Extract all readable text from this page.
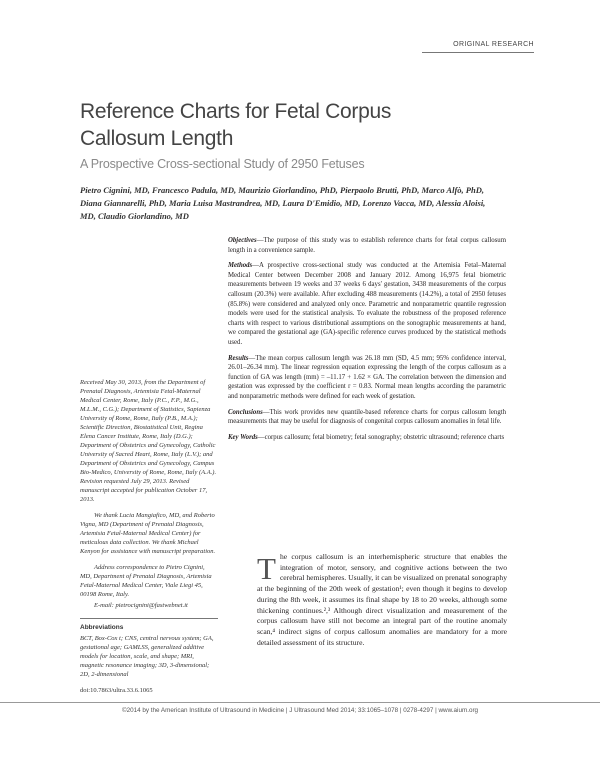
ORIGINAL RESEARCH
Reference Charts for Fetal Corpus Callosum Length
A Prospective Cross-sectional Study of 2950 Fetuses
Pietro Cignini, MD, Francesco Padula, MD, Maurizio Giorlandino, PhD, Pierpaolo Brutti, PhD, Marco Alfò, PhD, Diana Giannarelli, PhD, Maria Luisa Mastrandrea, MD, Laura D'Emidio, MD, Lorenzo Vacca, MD, Alessia Aloisi, MD, Claudio Giorlandino, MD

Objectives—The purpose of this study was to establish reference charts for fetal corpus callosum length in a convenience sample.

Methods—A prospective cross-sectional study was conducted at the Artemisia Fetal–Maternal Medical Center between December 2008 and January 2012. Among 16,975 fetal biometric measurements between 19 weeks and 37 weeks 6 days' gestation, 3438 measurements of the corpus callosum (20.3%) were available. After excluding 488 measurements (14.2%), a total of 2950 fetuses (85.8%) were considered and analyzed only once. Parametric and nonparametric quantile regression models were used for the statistical analysis. To evaluate the robustness of the proposed reference charts with respect to various distributional assumptions on the sonographic measurements at hand, we compared the gestational age (GA)-specific reference curves produced by the statistical methods used.

Results—The mean corpus callosum length was 26.18 mm (SD, 4.5 mm; 95% confidence interval, 26.01–26.34 mm). The linear regression equation expressing the length of the corpus callosum as a function of GA was length (mm) = –11.17 + 1.62 × GA. The correlation between the dimension and gestation was expressed by the coefficient r = 0.83. Normal mean lengths according the parametric and nonparametric methods were defined for each week of gestation.

Conclusions—This work provides new quantile-based reference charts for corpus callosum length measurements that may be useful for diagnosis of congenital corpus callosum anomalies in fetal life.

Key Words—corpus callosum; fetal biometry; fetal sonography; obstetric ultrasound; reference charts

Received May 30, 2013, from the Department of Prenatal Diagnosis, Artemisia Fetal-Maternal Medical Center, Rome, Italy (P.C., F.P., M.G., M.L.M., C.G.); Department of Statistics, Sapienza University of Rome, Rome, Italy (P.B., M.A.); Scientific Direction, Biostatistical Unit, Regina Elena Cancer Institute, Rome, Italy (D.G.); Department of Obstetrics and Gynecology, Catholic University of Sacred Heart, Rome, Italy (L.V.); and Department of Obstetrics and Gynecology, Campus Bio-Medico, University of Rome, Rome, Italy (A.A.). Revision requested July 29, 2013. Revised manuscript accepted for publication October 17, 2013.

We thank Lucia Mangiafico, MD, and Roberto Vigna, MD (Department of Prenatal Diagnosis, Artemisia Fetal-Maternal Medical Center) for meticulous data collection. We thank Michael Kenyon for assistance with manuscript preparation.

Address correspondence to Pietro Cignini, MD, Department of Prenatal Diagnosis, Artemisia Fetal-Maternal Medical Center, Viale Liegi 45, 00198 Rome, Italy.

E-mail: pietrocignini@fastwebnet.it

Abbreviations

BCT, Box-Cox t; CNS, central nervous system; GA, gestational age; GAMLSS, generalized additive models for location, scale, and shape; MRI, magnetic resonance imaging; 3D, 3-dimensional; 2D, 2-dimensional

doi:10.7863/ultra.33.6.1065

The corpus callosum is an interhemispheric structure that enables the integration of motor, sensory, and cognitive actions between the two cerebral hemispheres. Usually, it can be visualized on prenatal sonography at the beginning of the 20th week of gestation¹; even though it begins to develop during the 8th week, it assumes its final shape by 18 to 20 weeks, although some thickening continues.²,³ Although direct visualization and measurement of the corpus callosum have still not become an integral part of the routine anomaly scan,⁴ indirect signs of corpus callosum anomalies are mandatory for a more detailed assessment of its structure.
©2014 by the American Institute of Ultrasound in Medicine | J Ultrasound Med 2014; 33:1065–1078 | 0278-4297 | www.aium.org
